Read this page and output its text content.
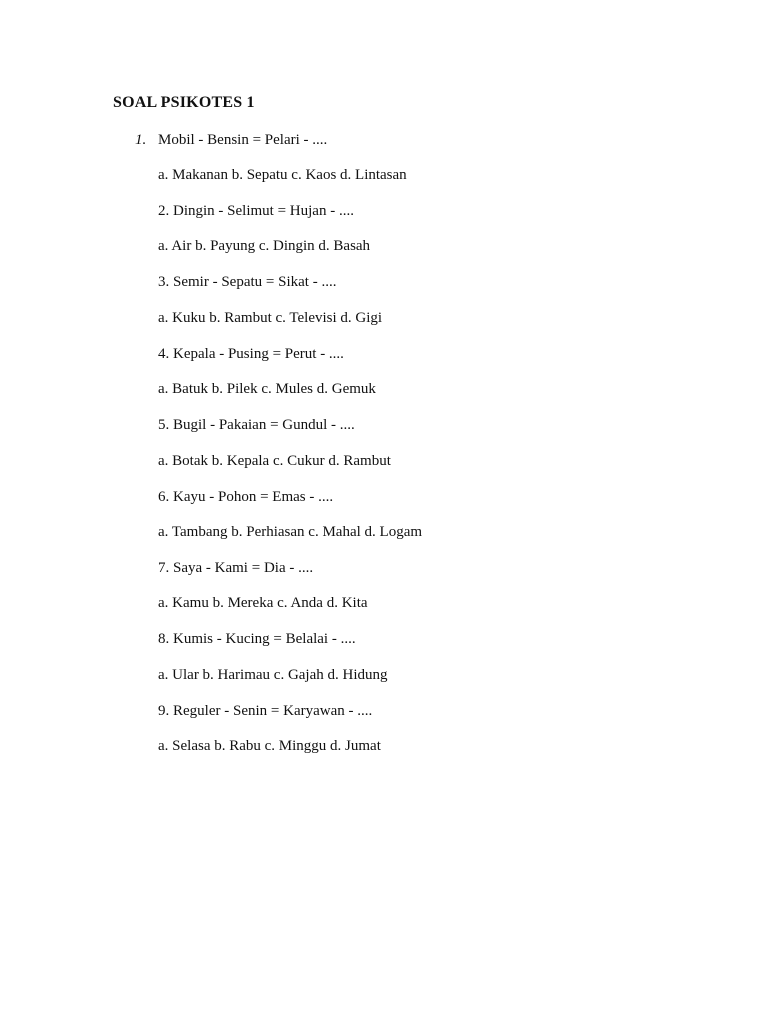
SOAL PSIKOTES 1
1. Mobil - Bensin = Pelari - ....
a. Makanan b. Sepatu c. Kaos d. Lintasan
2. Dingin - Selimut = Hujan - ....
a. Air b. Payung c. Dingin d. Basah
3. Semir - Sepatu = Sikat - ....
a. Kuku b. Rambut c. Televisi d. Gigi
4. Kepala - Pusing = Perut - ....
a. Batuk b. Pilek c. Mules d. Gemuk
5. Bugil - Pakaian = Gundul - ....
a. Botak b. Kepala c. Cukur d. Rambut
6. Kayu - Pohon = Emas - ....
a. Tambang b. Perhiasan c. Mahal d. Logam
7. Saya - Kami = Dia - ....
a. Kamu b. Mereka c. Anda d. Kita
8. Kumis - Kucing = Belalai - ....
a. Ular b. Harimau c. Gajah d. Hidung
9. Reguler - Senin = Karyawan - ....
a. Selasa b. Rabu c. Minggu d. Jumat
